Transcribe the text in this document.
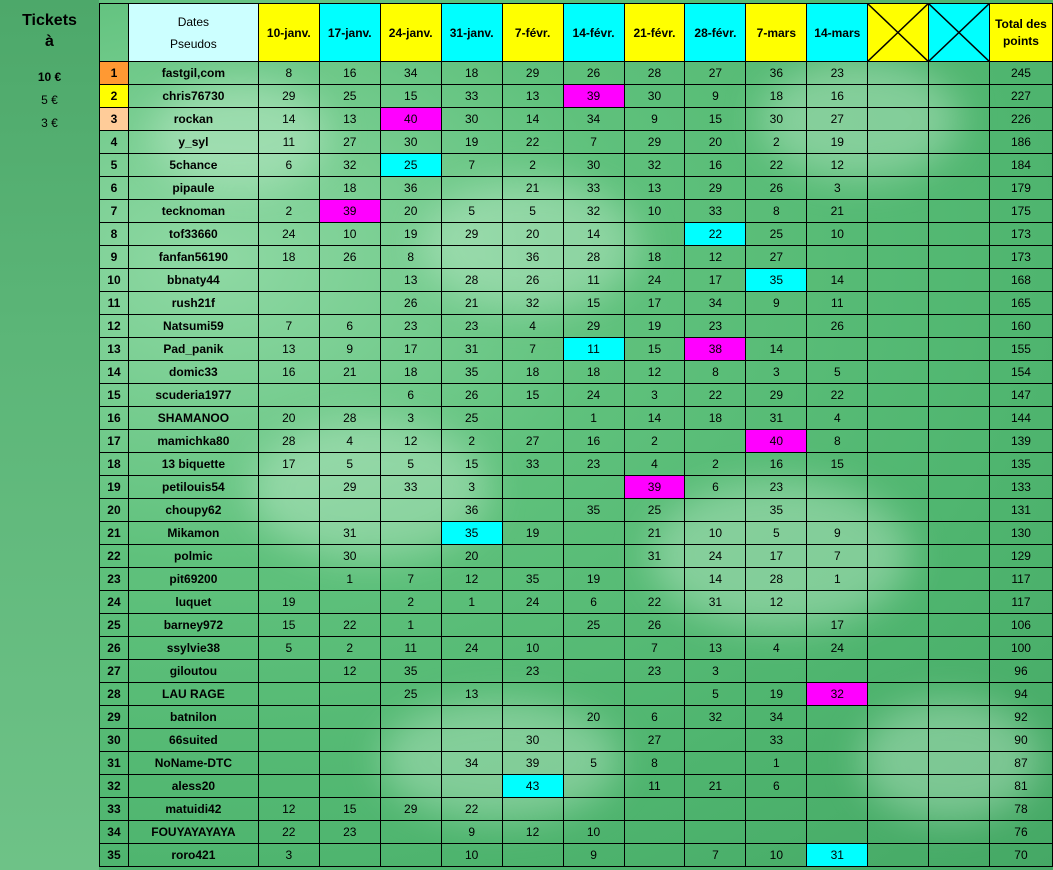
Tickets
à
10 €
5 €
3 €

	Dates
Pseudos	10-janv.	17-janv.	24-janv.	31-janv.	7-févr.	14-févr.	21-févr.	28-févr.	7-mars	14-mars			Total des points
1	fastgil,com	8	16	34	18	29	26	28	27	36	23			245
2	chris76730	29	25	15	33	13	39	30	9	18	16			227
3	rockan	14	13	40	30	14	34	9	15	30	27			226
4	y_syl	11	27	30	19	22	7	29	20	2	19			186
5	5chance	6	32	25	7	2	30	32	16	22	12			184
6	pipaule		18	36		21	33	13	29	26	3			179
7	tecknoman	2	39	20	5	5	32	10	33	8	21			175
8	tof33660	24	10	19	29	20	14		22	25	10			173
9	fanfan56190	18	26	8		36	28	18	12	27				173
10	bbnaty44			13	28	26	11	24	17	35	14			168
11	rush21f			26	21	32	15	17	34	9	11			165
12	Natsumi59	7	6	23	23	4	29	19	23		26			160
13	Pad_panik	13	9	17	31	7	11	15	38	14				155
14	domic33	16	21	18	35	18	18	12	8	3	5			154
15	scuderia1977			6	26	15	24	3	22	29	22			147
16	SHAMANOO	20	28	3	25		1	14	18	31	4			144
17	mamichka80	28	4	12	2	27	16	2		40	8			139
18	13 biquette	17	5	5	15	33	23	4	2	16	15			135
19	petilouis54		29	33	3			39	6	23				133
20	choupy62				36		35	25		35				131
21	Mikamon		31		35	19		21	10	5	9			130
22	polmic		30		20			31	24	17	7			129
23	pit69200		1	7	12	35	19		14	28	1			117
24	luquet	19		2	1	24	6	22	31	12				117
25	barney972	15	22	1			25	26			17			106
26	ssylvie38	5	2	11	24	10		7	13	4	24			100
27	giloutou		12	35		23		23	3					96
28	LAU RAGE			25	13				5	19	32			94
29	batnilon						20	6	32	34				92
30	66suited					30		27		33				90
31	NoName-DTC				34	39	5	8		1				87
32	aless20					43		11	21	6				81
33	matuidi42	12	15	29	22									78
34	FOUYAYAYAYA	22	23		9	12	10							76
35	roro421	3			10		9		7	10	31			70
